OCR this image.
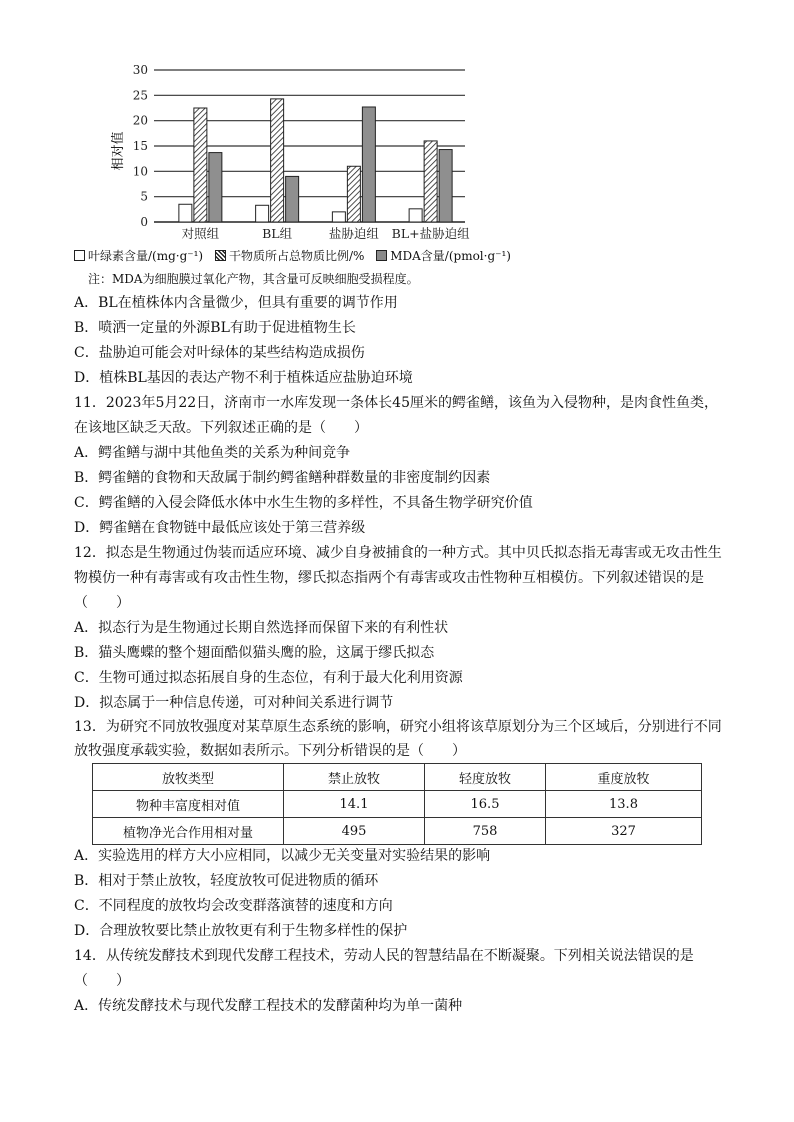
0
5
10
15
20
25
30
对照组	BL组	盐胁迫组 BL+盐胁迫组
相对值
叶绿素含量/(mg·g⁻¹) 干物质所占总物质比例/% MDA含量/(pmol·g⁻¹)
注：MDA为细胞膜过氧化产物，其含量可反映细胞受损程度。
A．BL在植株体内含量微少，但具有重要的调节作用
B．喷洒一定量的外源BL有助于促进植物生长
C．盐胁迫可能会对叶绿体的某些结构造成损伤
D．植株BL基因的表达产物不利于植株适应盐胁迫环境
11．2023年5月22日，济南市一水库发现一条体长45厘米的鳄雀鳝，该鱼为入侵物种，是肉食性鱼类，
在该地区缺乏天敌。下列叙述正确的是（　　）
A．鳄雀鳝与湖中其他鱼类的关系为种间竞争
B．鳄雀鳝的食物和天敌属于制约鳄雀鳝种群数量的非密度制约因素
C．鳄雀鳝的入侵会降低水体中水生生物的多样性，不具备生物学研究价值
D．鳄雀鳝在食物链中最低应该处于第三营养级
12．拟态是生物通过伪装而适应环境、减少自身被捕食的一种方式。其中贝氏拟态指无毒害或无攻击性生
物模仿一种有毒害或有攻击性生物，缪氏拟态指两个有毒害或攻击性物种互相模仿。下列叙述错误的是
（　　）
A．拟态行为是生物通过长期自然选择而保留下来的有利性状
B．猫头鹰蝶的整个翅面酷似猫头鹰的脸，这属于缪氏拟态
C．生物可通过拟态拓展自身的生态位，有利于最大化利用资源
D．拟态属于一种信息传递，可对种间关系进行调节
13．为研究不同放牧强度对某草原生态系统的影响，研究小组将该草原划分为三个区域后，分别进行不同
放牧强度承载实验，数据如表所示。下列分析错误的是（　　）
放牧类型	禁止放牧	轻度放牧	重度放牧
物种丰富度相对值	14.1	16.5	13.8
植物净光合作用相对量	495	758	327
A．实验选用的样方大小应相同，以减少无关变量对实验结果的影响
B．相对于禁止放牧，轻度放牧可促进物质的循环
C．不同程度的放牧均会改变群落演替的速度和方向
D．合理放牧要比禁止放牧更有利于生物多样性的保护
14．从传统发酵技术到现代发酵工程技术，劳动人民的智慧结晶在不断凝聚。下列相关说法错误的是
（　　）
A．传统发酵技术与现代发酵工程技术的发酵菌种均为单一菌种
